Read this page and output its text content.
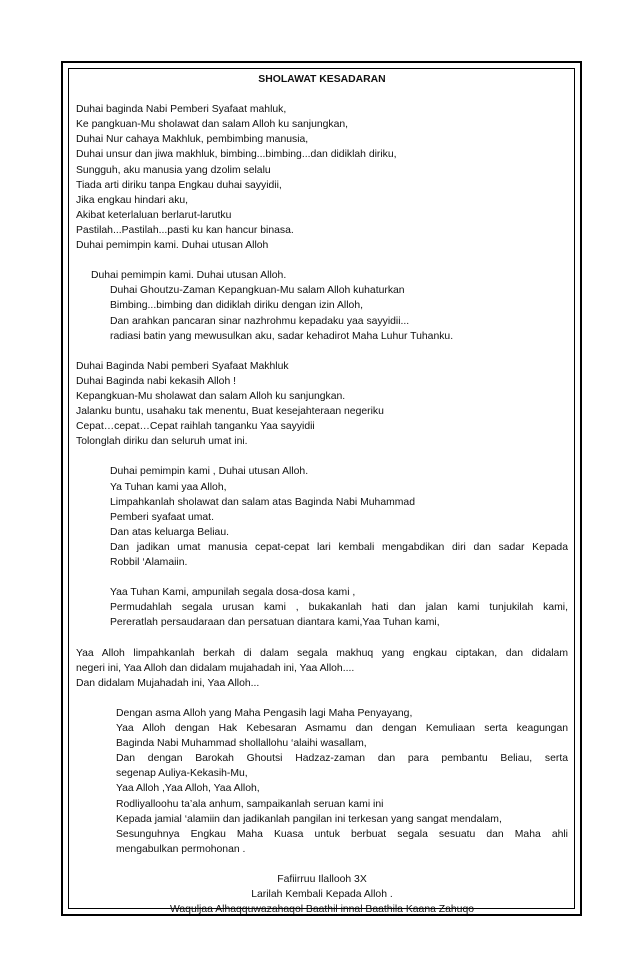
SHOLAWAT KESADARAN
Duhai baginda Nabi Pemberi Syafaat mahluk,
Ke pangkuan-Mu sholawat dan salam Alloh ku sanjungkan,
Duhai Nur cahaya Makhluk, pembimbing manusia,
Duhai unsur dan jiwa makhluk, bimbing...bimbing...dan didiklah diriku,
Sungguh, aku manusia yang dzolim selalu
Tiada arti diriku tanpa Engkau duhai sayyidii,
Jika engkau hindari aku,
Akibat keterlaluan berlarut-larutku
Pastilah...Pastilah...pasti ku kan hancur binasa.
Duhai pemimpin kami. Duhai utusan Alloh
Duhai pemimpin kami. Duhai utusan Alloh.
Duhai Ghoutzu-Zaman Kepangkuan-Mu salam Alloh kuhaturkan
Bimbing...bimbing dan didiklah diriku dengan izin Alloh,
Dan arahkan pancaran sinar nazhrohmu kepadaku yaa sayyidii...
radiasi batin yang mewusulkan aku, sadar kehadirot Maha Luhur Tuhanku.
Duhai Baginda Nabi pemberi Syafaat Makhluk
Duhai Baginda nabi kekasih Alloh !
Kepangkuan-Mu sholawat dan salam Alloh ku sanjungkan.
Jalanku buntu, usahaku tak menentu, Buat kesejahteraan negeriku
Cepat…cepat…Cepat raihlah tanganku Yaa sayyidii
Tolonglah diriku dan seluruh umat ini.
Duhai pemimpin kami , Duhai utusan Alloh.
Ya Tuhan kami yaa Alloh,
Limpahkanlah sholawat dan salam atas Baginda Nabi Muhammad
Pemberi syafaat umat.
Dan atas keluarga Beliau.
Dan jadikan umat manusia cepat-cepat lari kembali mengabdikan diri dan sadar Kepada
Robbil ‘Alamaiin.
Yaa Tuhan Kami, ampunilah segala dosa-dosa kami ,
Permudahlah segala urusan kami , bukakanlah hati dan jalan kami tunjukilah kami,
Pereratlah persaudaraan dan persatuan diantara kami,Yaa Tuhan kami,
Yaa Alloh limpahkanlah berkah di dalam segala makhuq yang engkau ciptakan, dan didalam
negeri ini, Yaa Alloh dan didalam mujahadah ini, Yaa Alloh....
Dan didalam Mujahadah ini, Yaa Alloh...
Dengan asma Alloh yang Maha Pengasih lagi Maha Penyayang,
Yaa Alloh dengan Hak Kebesaran Asmamu dan dengan Kemuliaan serta keagungan
Baginda Nabi Muhammad shollallohu ‘alaihi wasallam,
Dan dengan Barokah Ghoutsi Hadzaz-zaman dan para pembantu Beliau, serta
segenap Auliya-Kekasih-Mu,
Yaa Alloh ,Yaa Alloh, Yaa Alloh,
Rodliyalloohu ta’ala anhum, sampaikanlah seruan kami ini
Kepada jamial ‘alamiin dan jadikanlah pangilan ini terkesan yang sangat mendalam,
Sesunguhnya Engkau Maha Kuasa untuk berbuat segala sesuatu dan Maha ahli
mengabulkan permohonan .
Fafiirruu Ilallooh 3X
Larilah Kembali Kepada Alloh .
Waquljaa Alhaqquwazahaqol Baathil innal Baathila Kaana Zahuqo
